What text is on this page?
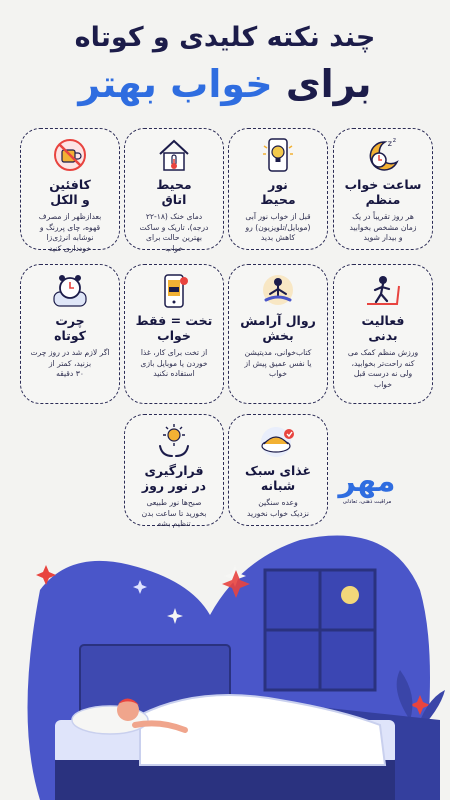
چند نکته کلیدی و کوتاه
برای خواب بهتر
z z
ساعت خواب
منظم
هر روز تقریباً در یک
زمان مشخص بخوابید
و بیدار شوید
نور
محیط
قبل از خواب نور آبی
(موبایل/تلویزیون) رو
کاهش بدید
محیط
اتاق
دمای خنک (۱۸-۲۲
درجه)، تاریک و ساکت
بهترین حالت برای
خواب
کافئین
و الکل
بعدازظهر از مصرف
قهوه، چای پررنگ و
نوشابه انرژی‌زا
خودداری کنید
فعالیت
بدنی
ورزش منظم کمک می
کنه راحت‌تر بخوابید،
ولی نه درست قبل
خواب
روال آرامش
بخش
کتاب‌خوانی، مدیتیشن
یا نفس عمیق پیش از
خواب
تخت = فقط
خواب
از تخت برای کار، غذا
خوردن یا موبایل بازی
استفاده نکنید
چرت
کوتاه
اگر لازم شد در روز چرت
بزنید، کمتر از
۳۰ دقیقه
غذای سبک
شبانه
وعده سنگین
نزدیک خواب نخورید
قرارگیری
در نور روز
صبح‌ها نور طبیعی
بخورید تا ساعت بدن
تنظیم بشه
مهر
مراقبت ذهنی، تعادلی
